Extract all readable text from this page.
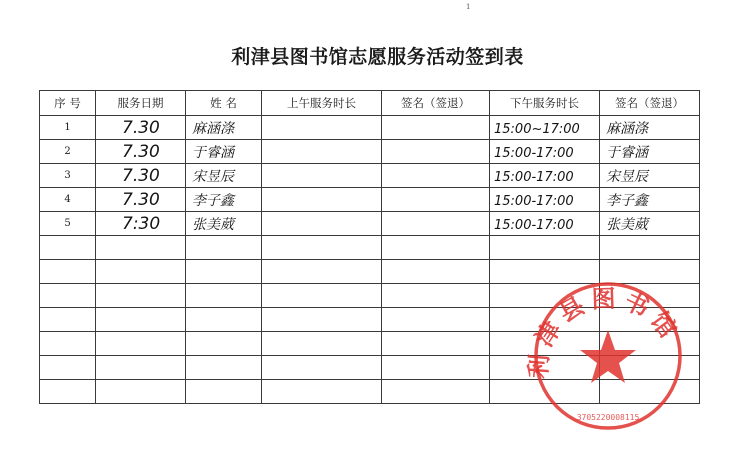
1
利津县图书馆志愿服务活动签到表
序 号	服务日期	姓 名	上午服务时长	签名（签退）	下午服务时长	签名（签退）
1	7.30	麻涵涤			15:00~17:00	麻涵涤
2	7.30	于睿涵			15:00-17:00	于睿涵
3	7.30	宋昱辰			15:00-17:00	宋昱辰
4	7.30	李子鑫			15:00-17:00	李子鑫
5	7:30	张美葳			15:00-17:00	张美葳

利津县图书馆
3705220008115
